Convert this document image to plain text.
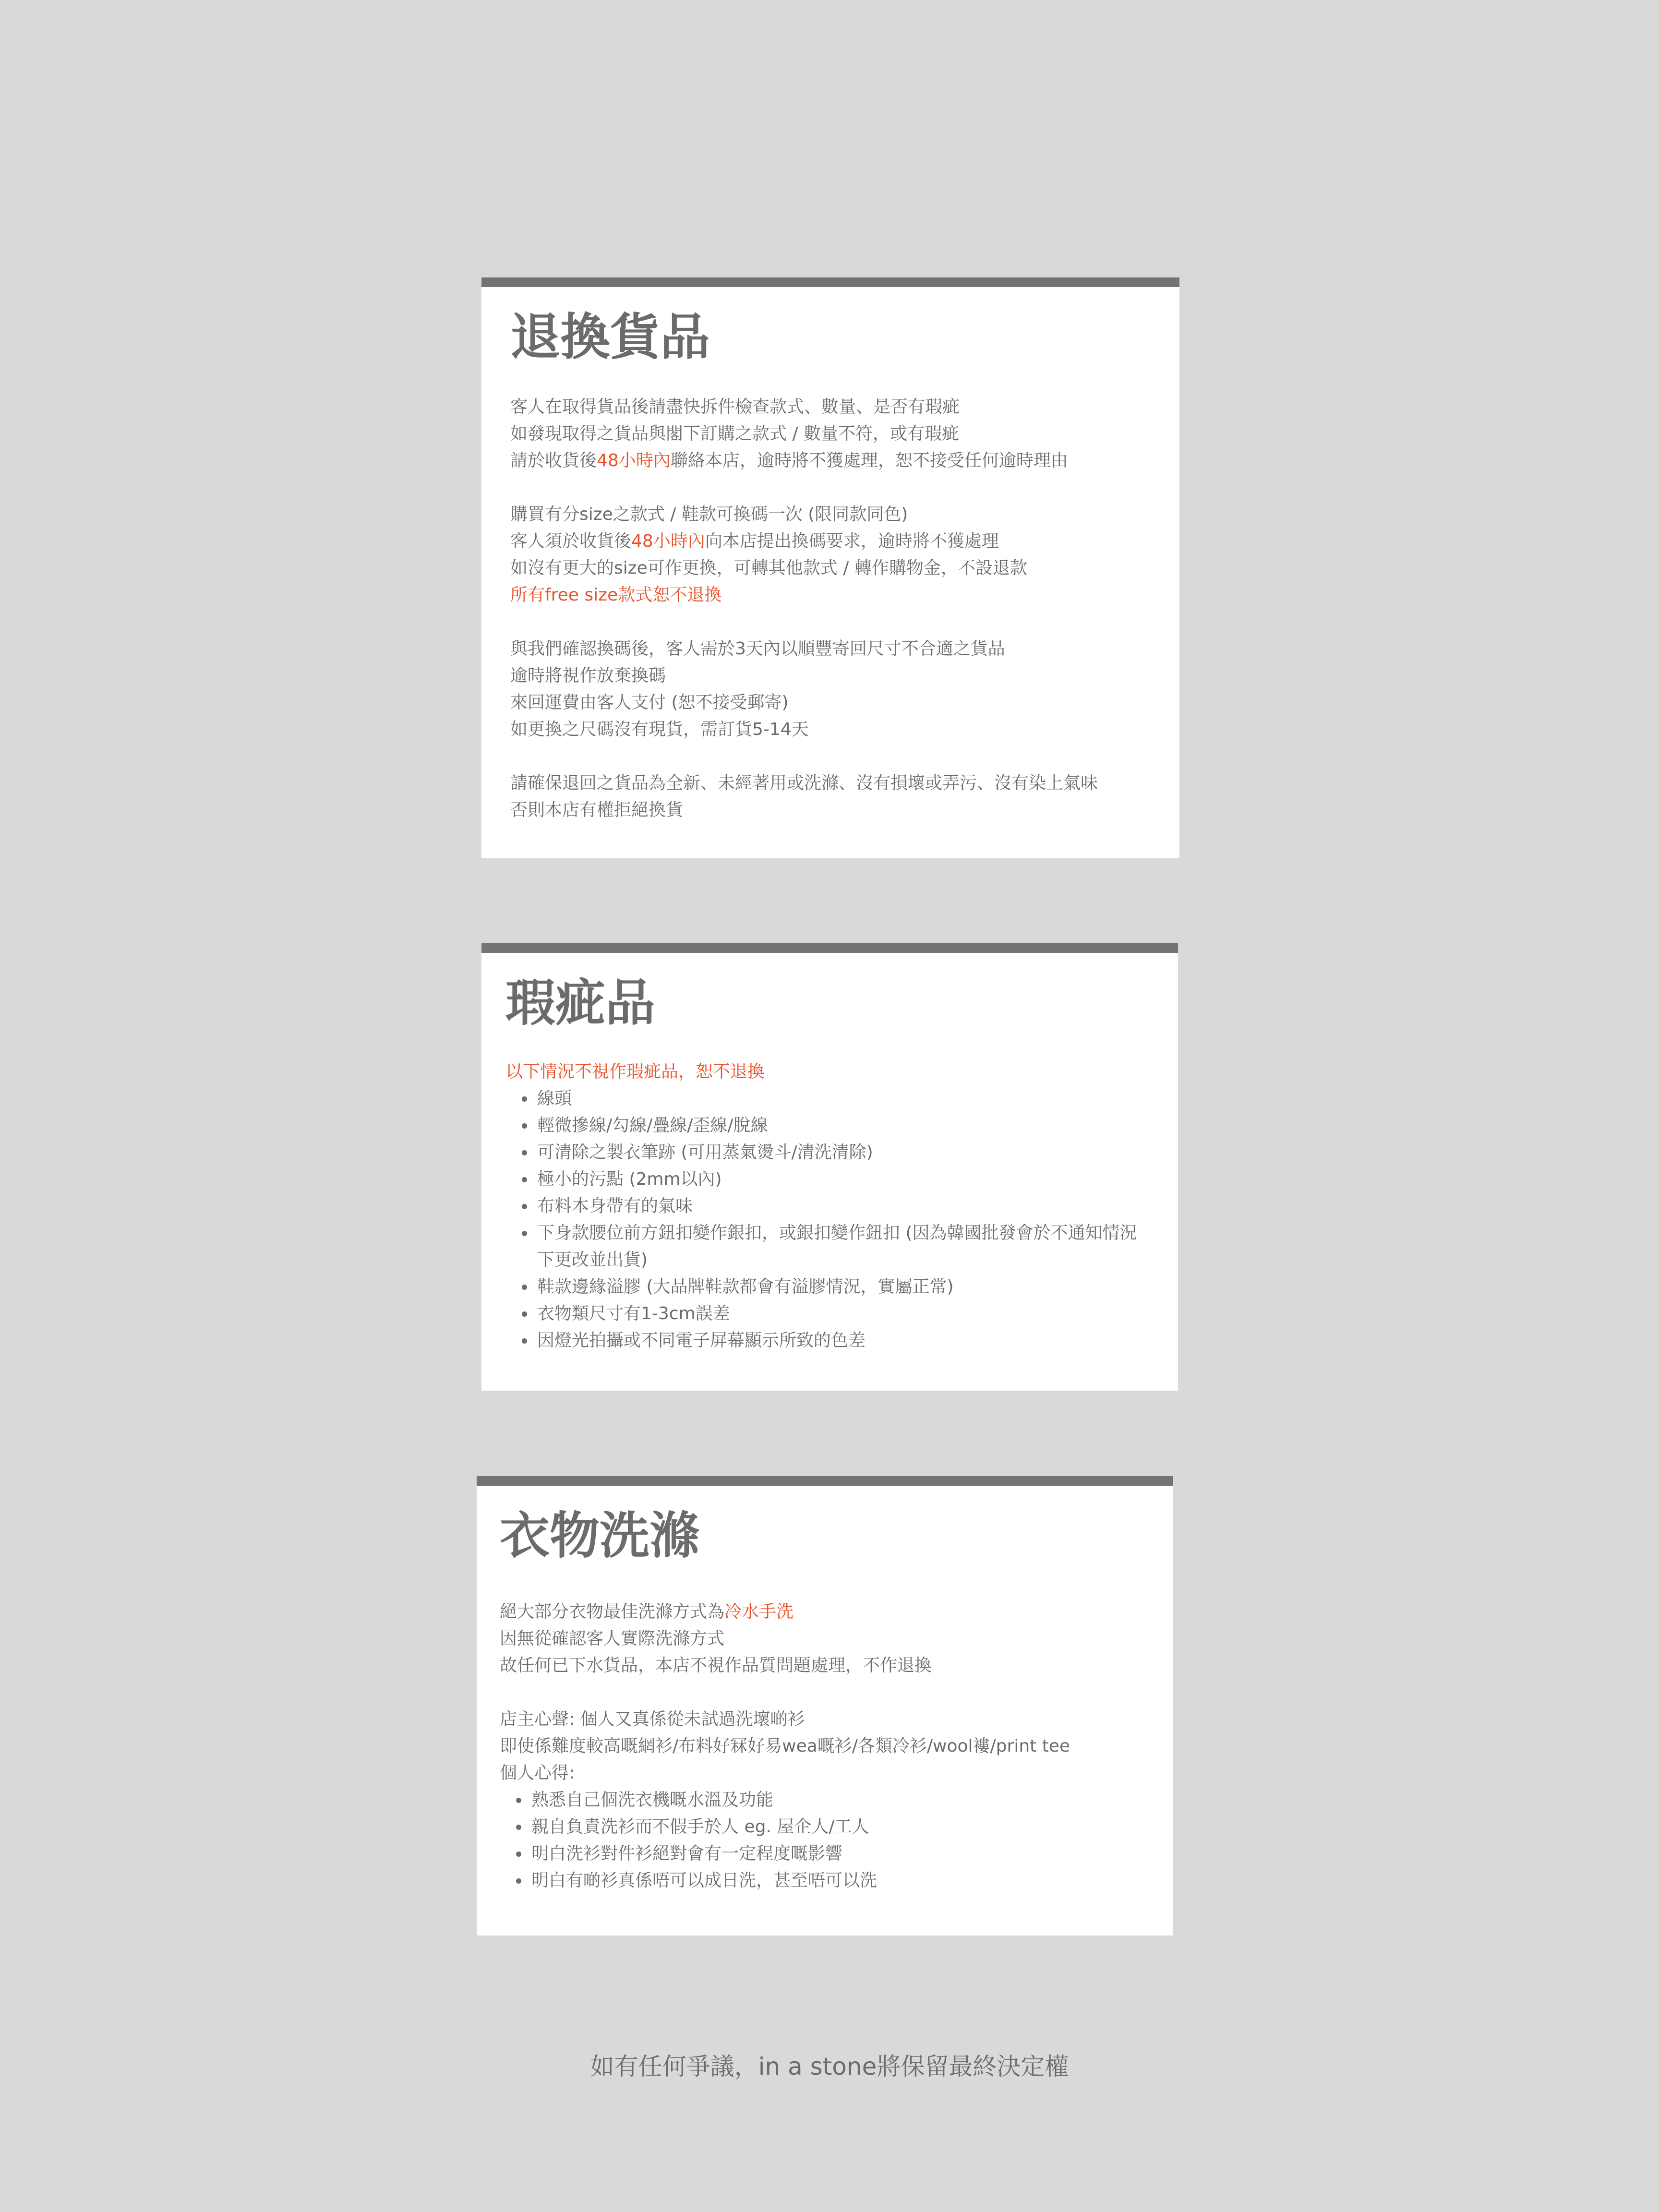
退換貨品
客人在取得貨品後請盡快拆件檢查款式、數量、是否有瑕疵
如發現取得之貨品與閣下訂購之款式 / 數量不符，或有瑕疵
請於收貨後48小時內聯絡本店，逾時將不獲處理，恕不接受任何逾時理由
購買有分size之款式 / 鞋款可換碼一次 (限同款同色)
客人須於收貨後48小時內向本店提出換碼要求，逾時將不獲處理
如沒有更大的size可作更換，可轉其他款式 / 轉作購物金，不設退款
所有free size款式恕不退換
與我們確認換碼後，客人需於3天內以順豐寄回尺寸不合適之貨品
逾時將視作放棄換碼
來回運費由客人支付 (恕不接受郵寄)
如更換之尺碼沒有現貨，需訂貨5-14天
請確保退回之貨品為全新、未經著用或洗滌、沒有損壞或弄污、沒有染上氣味
否則本店有權拒絕換貨
瑕疵品
以下情況不視作瑕疵品，恕不退換
線頭
輕微摻線/勾線/疊線/歪線/脫線
可清除之製衣筆跡 (可用蒸氣燙斗/清洗清除)
極小的污點 (2mm以內)
布料本身帶有的氣味
下身款腰位前方鈕扣變作銀扣，或銀扣變作鈕扣 (因為韓國批發會於不通知情況下更改並出貨)
鞋款邊緣溢膠 (大品牌鞋款都會有溢膠情況，實屬正常)
衣物類尺寸有1-3cm誤差
因燈光拍攝或不同電子屏幕顯示所致的色差
衣物洗滌
絕大部分衣物最佳洗滌方式為冷水手洗
因無從確認客人實際洗滌方式
故任何已下水貨品，本店不視作品質問題處理，不作退換
店主心聲: 個人又真係從未試過洗壞啲衫
即使係難度較高嘅網衫/布料好冧好易wea嘅衫/各類冷衫/wool褸/print tee
個人心得:
熟悉自己個洗衣機嘅水溫及功能
親自負責洗衫而不假手於人 eg. 屋企人/工人
明白洗衫對件衫絕對會有一定程度嘅影響
明白有啲衫真係唔可以成日洗，甚至唔可以洗
如有任何爭議，in a stone將保留最終決定權
